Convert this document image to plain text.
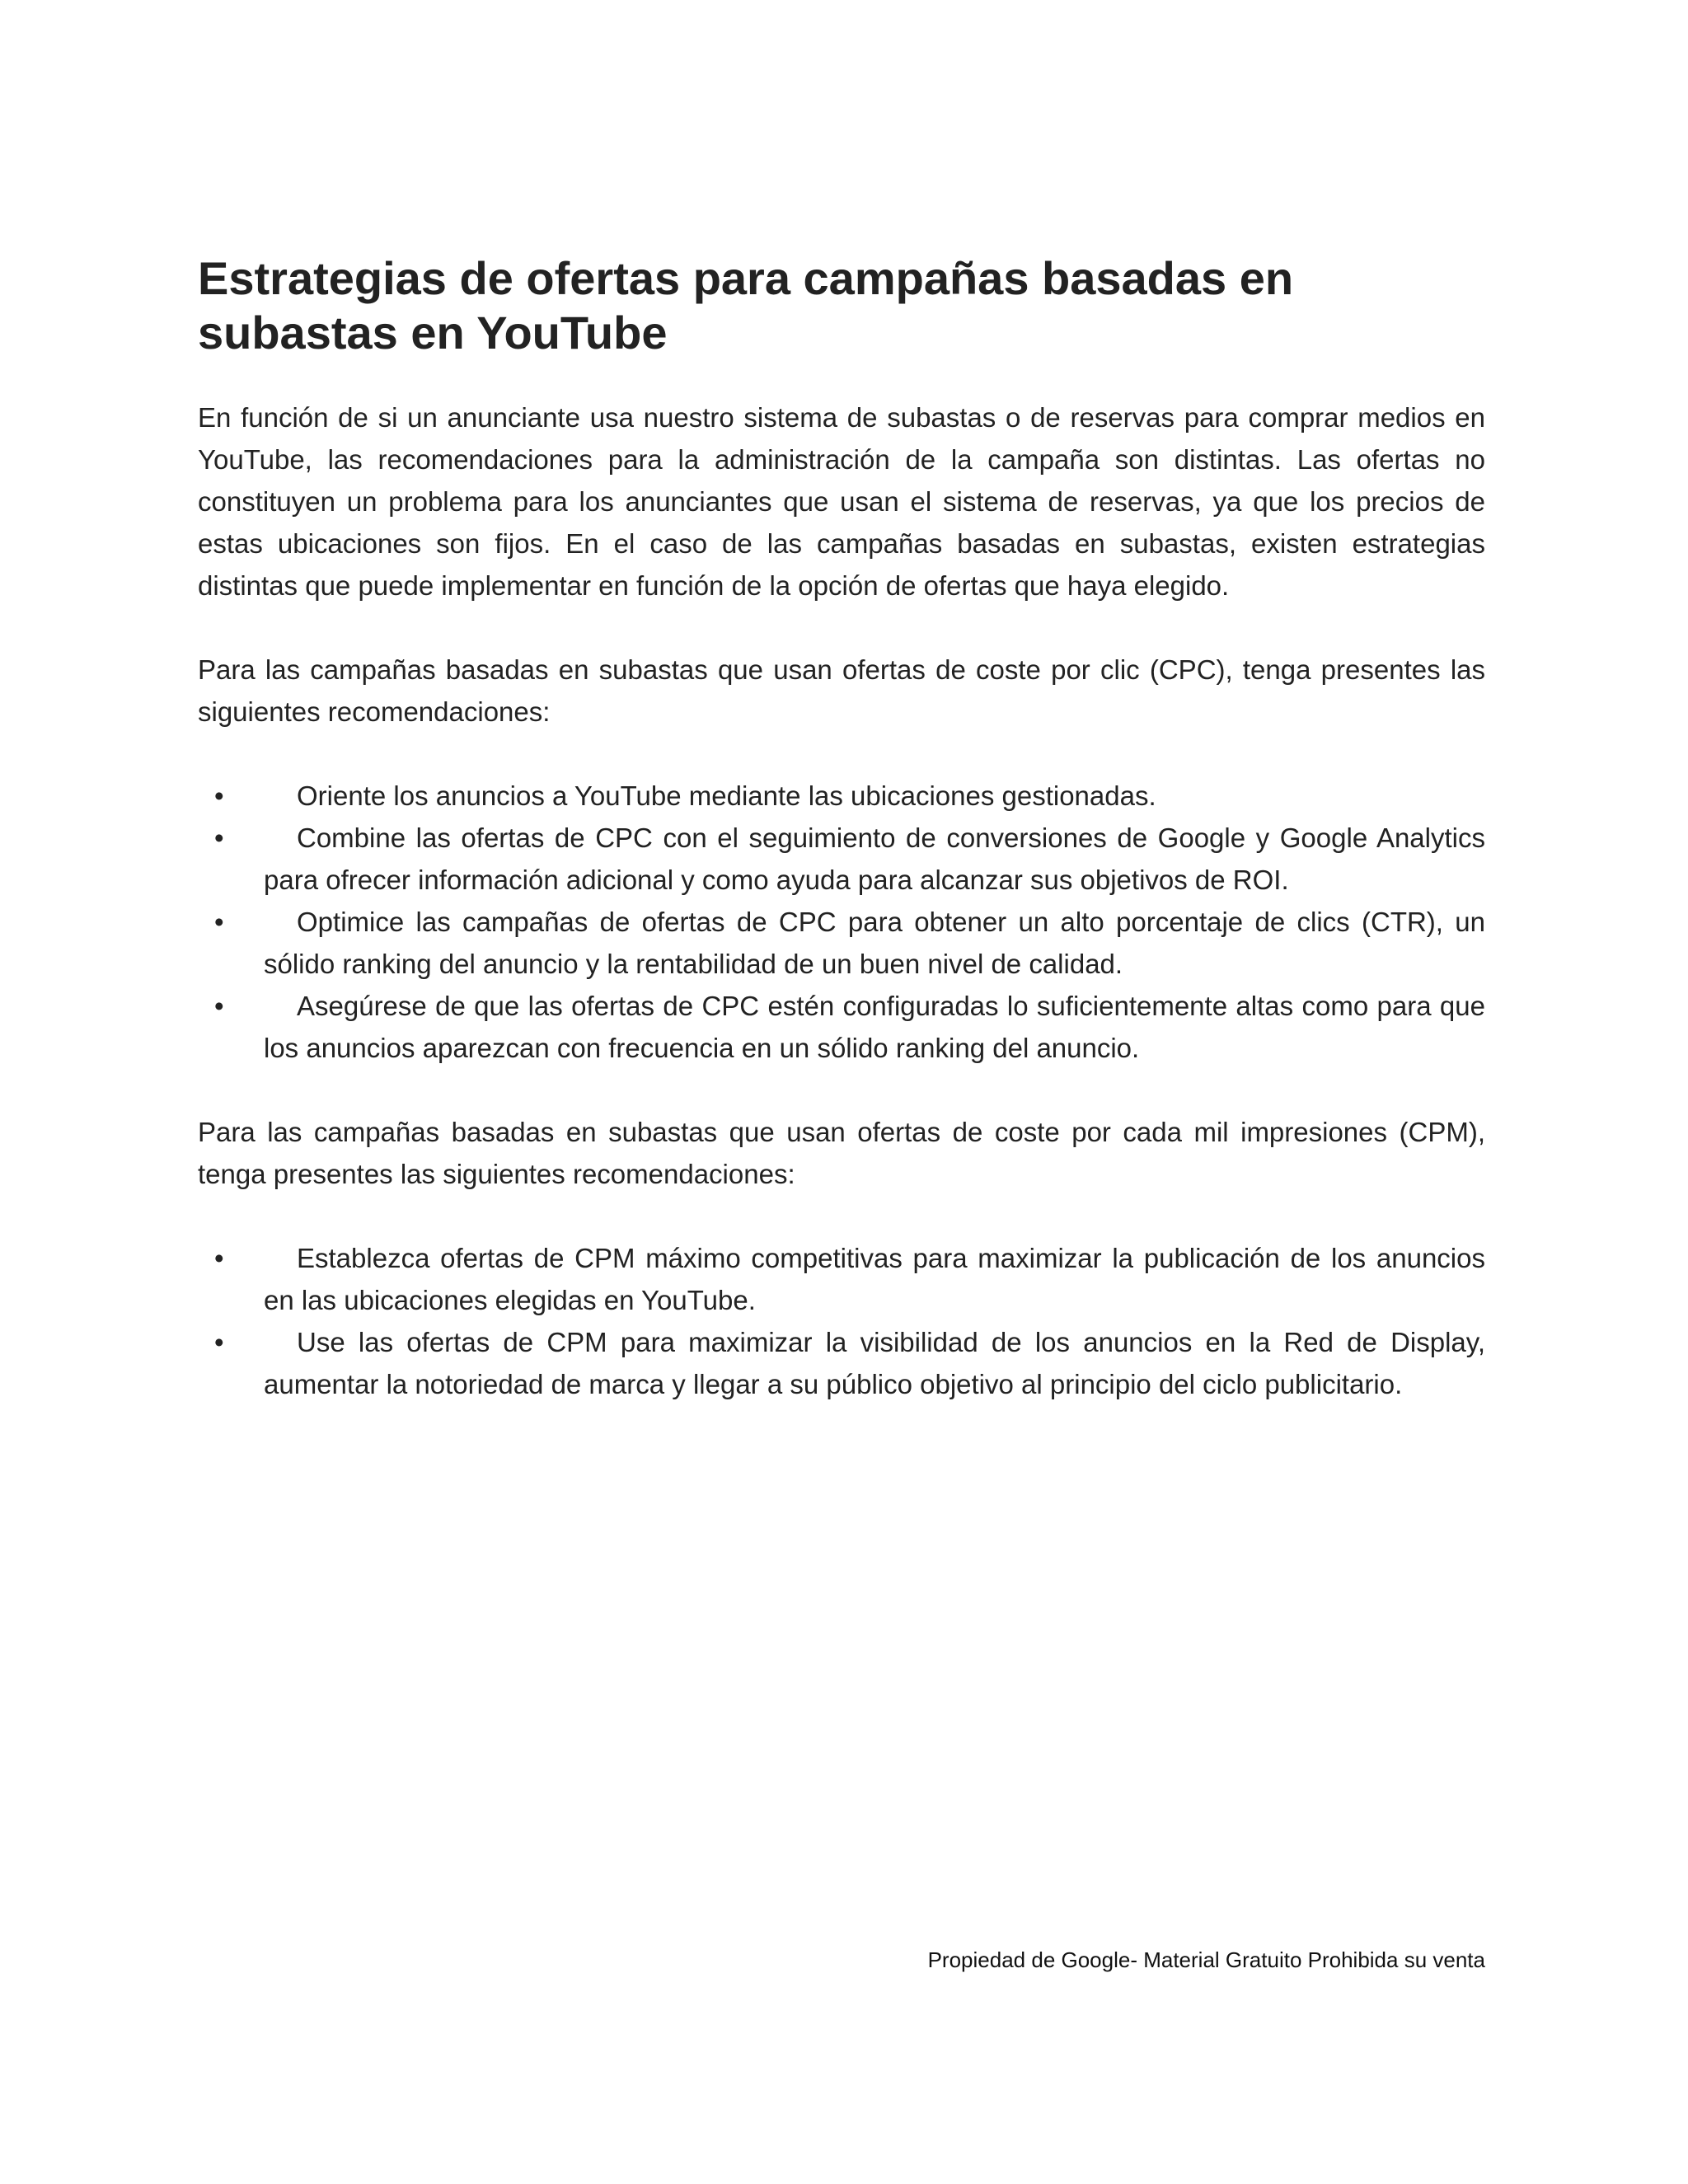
Estrategias de ofertas para campañas basadas en subastas en YouTube

En función de si un anunciante usa nuestro sistema de subastas o de reservas para comprar medios en YouTube, las recomendaciones para la administración de la campaña son distintas. Las ofertas no constituyen un problema para los anunciantes que usan el sistema de reservas, ya que los precios de estas ubicaciones son fijos. En el caso de las campañas basadas en subastas, existen estrategias distintas que puede implementar en función de la opción de ofertas que haya elegido.

Para las campañas basadas en subastas que usan ofertas de coste por clic (CPC), tenga presentes las siguientes recomendaciones:

•	Oriente los anuncios a YouTube mediante las ubicaciones gestionadas.
•	Combine las ofertas de CPC con el seguimiento de conversiones de Google y Google Analytics para ofrecer información adicional y como ayuda para alcanzar sus objetivos de ROI.
•	Optimice las campañas de ofertas de CPC para obtener un alto porcentaje de clics (CTR), un sólido ranking del anuncio y la rentabilidad de un buen nivel de calidad.
•	Asegúrese de que las ofertas de CPC estén configuradas lo suficientemente altas como para que los anuncios aparezcan con frecuencia en un sólido ranking del anuncio.

Para las campañas basadas en subastas que usan ofertas de coste por cada mil impresiones (CPM), tenga presentes las siguientes recomendaciones:

•	Establezca ofertas de CPM máximo competitivas para maximizar la publicación de los anuncios en las ubicaciones elegidas en YouTube.
•	Use las ofertas de CPM para maximizar la visibilidad de los anuncios en la Red de Display, aumentar la notoriedad de marca y llegar a su público objetivo al principio del ciclo publicitario.
Propiedad de Google- Material Gratuito Prohibida su venta
